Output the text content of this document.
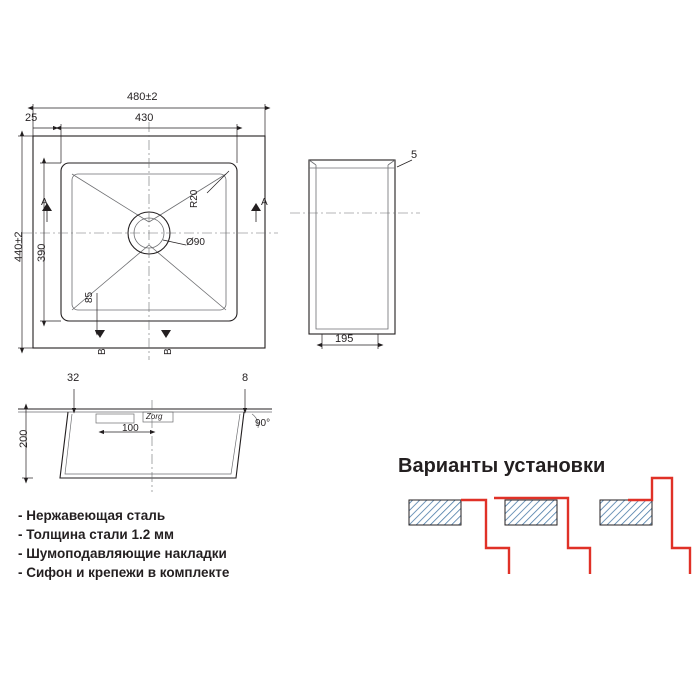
480±2
430
25
440±2 390
R20
Ø90
85
A	A
B	B
5
195
32	8
200
90°
100
Zorg
- Нержавеющая сталь
- Толщина стали 1.2 мм
- Шумоподавляющие накладки
- Сифон и крепежи в комплекте
Варианты установки
